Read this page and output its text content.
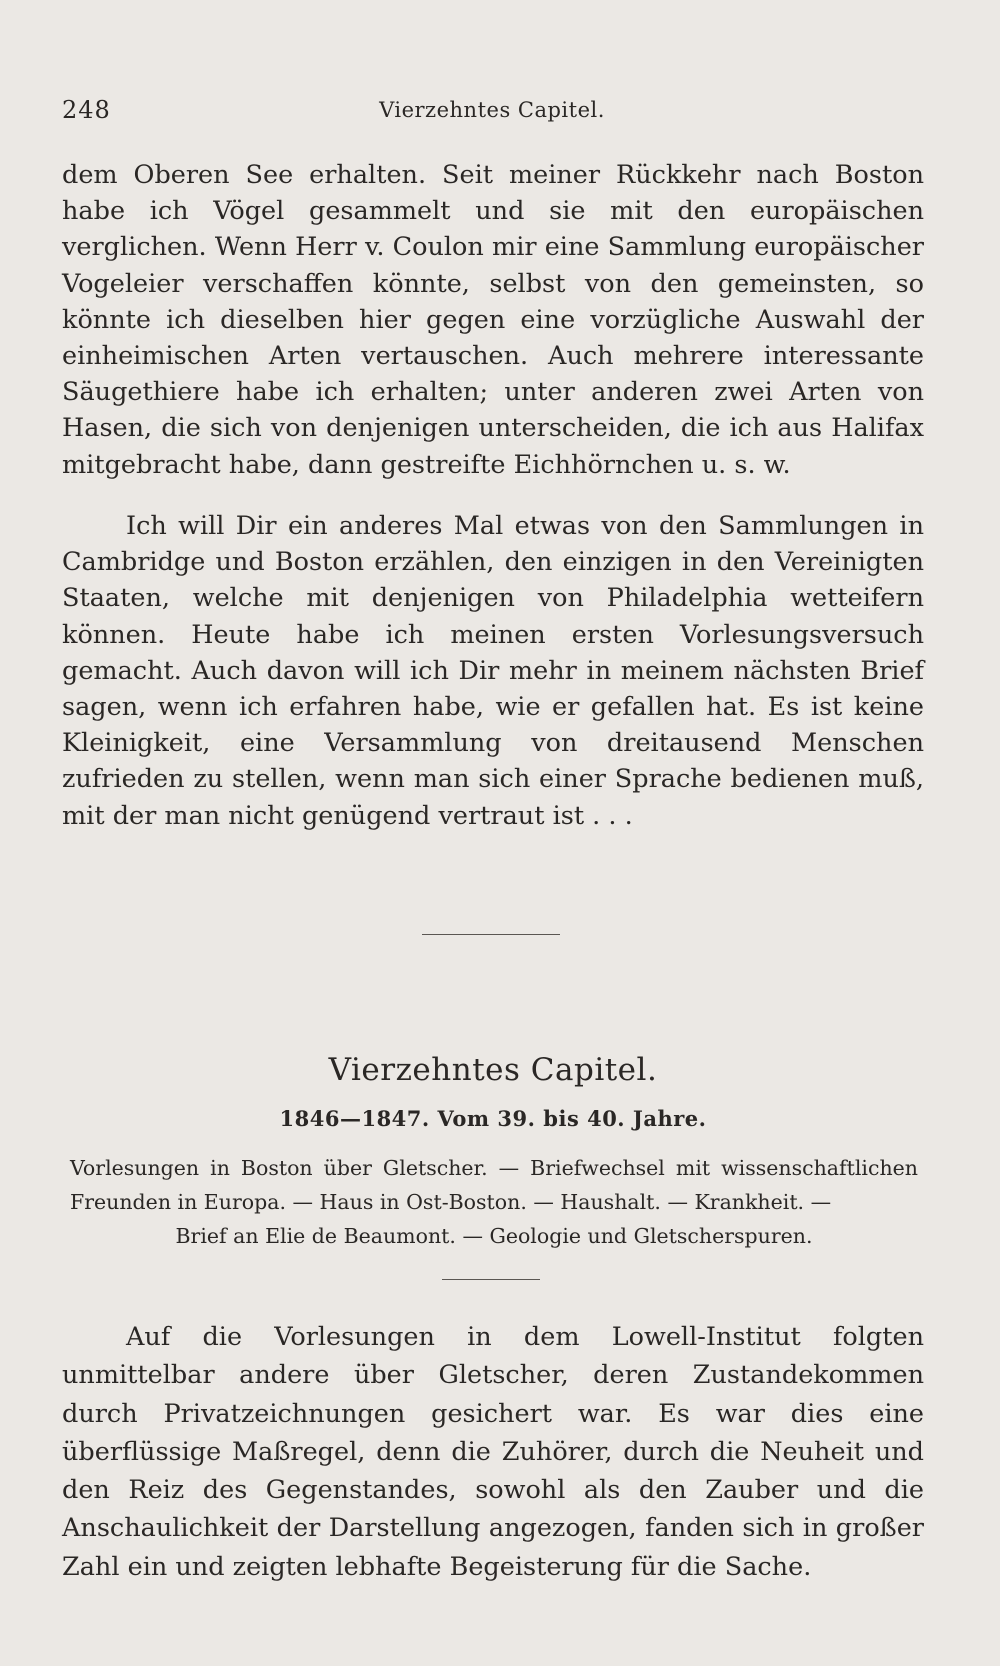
248	Vierzehntes Capitel.

dem Oberen See erhalten. Seit meiner Rückkehr nach Boston habe ich Vögel gesammelt und sie mit den europäischen verglichen. Wenn Herr v. Coulon mir eine Sammlung europäischer Vogeleier verschaffen könnte, selbst von den gemeinsten, so könnte ich dieselben hier gegen eine vorzügliche Auswahl der einheimischen Arten vertauschen. Auch mehrere interessante Säugethiere habe ich erhalten; unter anderen zwei Arten von Hasen, die sich von denjenigen unterscheiden, die ich aus Halifax mitgebracht habe, dann gestreifte Eichhörnchen u. s. w.

Ich will Dir ein anderes Mal etwas von den Sammlungen in Cambridge und Boston erzählen, den einzigen in den Vereinigten Staaten, welche mit denjenigen von Philadelphia wetteifern können. Heute habe ich meinen ersten Vorlesungsversuch gemacht. Auch davon will ich Dir mehr in meinem nächsten Brief sagen, wenn ich erfahren habe, wie er gefallen hat. Es ist keine Kleinigkeit, eine Versammlung von dreitausend Menschen zufrieden zu stellen, wenn man sich einer Sprache bedienen muß, mit der man nicht genügend vertraut ist . . .

Vierzehntes Capitel.
1846—1847. Vom 39. bis 40. Jahre.
Vorlesungen in Boston über Gletscher. — Briefwechsel mit wissenschaftlichen Freunden in Europa. — Haus in Ost-Boston. — Haushalt. — Krankheit. —
Brief an Elie de Beaumont. — Geologie und Gletscherspuren.

Auf die Vorlesungen in dem Lowell-Institut folgten unmittelbar andere über Gletscher, deren Zustandekommen durch Privatzeichnungen gesichert war. Es war dies eine überflüssige Maßregel, denn die Zuhörer, durch die Neuheit und den Reiz des Gegenstandes, sowohl als den Zauber und die Anschaulichkeit der Darstellung angezogen, fanden sich in großer Zahl ein und zeigten lebhafte Begeisterung für die Sache.
